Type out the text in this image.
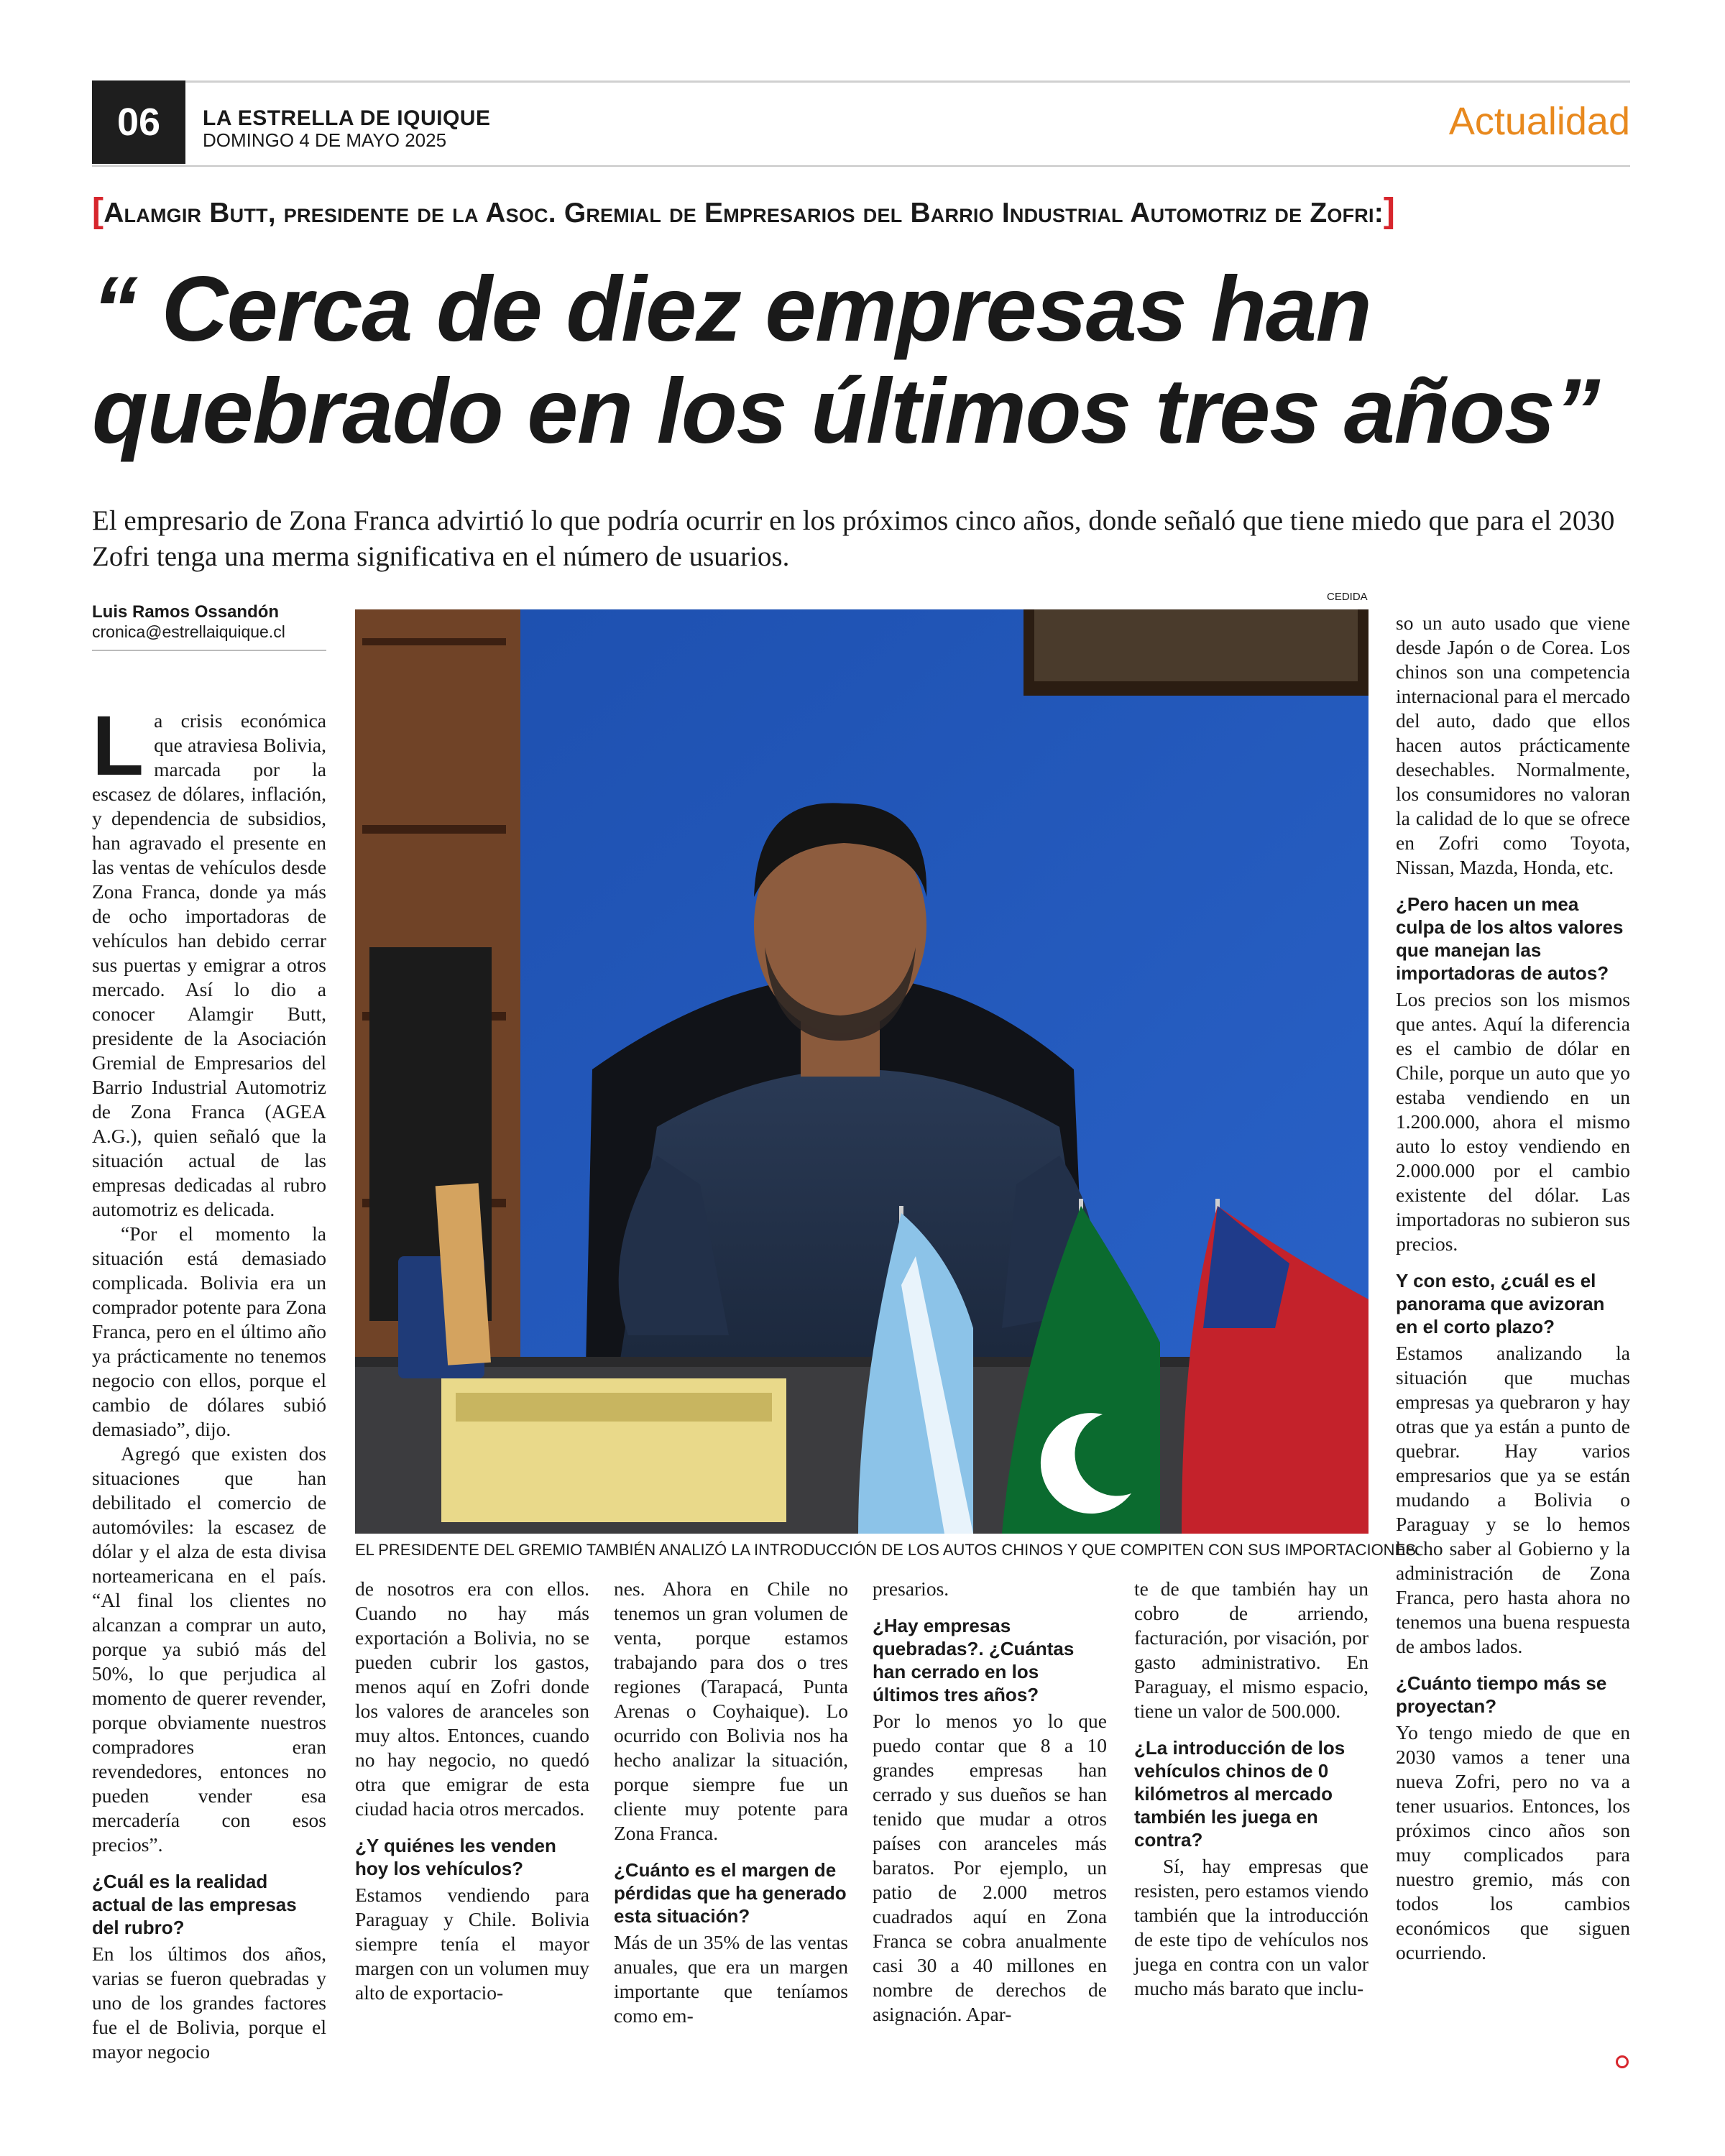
06	LA ESTRELLA DE IQUIQUE
DOMINGO 4 DE MAYO 2025	Actualidad
[Alamgir Butt, presidente de la Asoc. Gremial de Empresarios del Barrio Industrial Automotriz de Zofri:]
“ Cerca de diez empresas han quebrado en los últimos tres años”
El empresario de Zona Franca advirtió lo que podría ocurrir en los próximos cinco años, donde señaló que tiene miedo que para el 2030 Zofri tenga una merma significativa en el número de usuarios.
Luis Ramos Ossandón
cronica@estrellaiquique.cl
CEDIDA
EL PRESIDENTE DEL GREMIO TAMBIÉN ANALIZÓ LA INTRODUCCIÓN DE LOS AUTOS CHINOS Y QUE COMPITEN CON SUS IMPORTACIONES.

La crisis económica que atraviesa Bolivia, marcada por la escasez de dólares, inflación, y dependencia de subsidios, han agravado el presente en las ventas de vehículos desde Zona Franca, donde ya más de ocho importadoras de vehículos han debido cerrar sus puertas y emigrar a otros mercado. Así lo dio a conocer Alamgir Butt, presidente de la Asociación Gremial de Empresarios del Barrio Industrial Automotriz de Zona Franca (AGEA A.G.), quien señaló que la situación actual de las empresas dedicadas al rubro automotriz es delicada.

“Por el momento la situación está demasiado complicada. Bolivia era un comprador potente para Zona Franca, pero en el último año ya prácticamente no tenemos negocio con ellos, porque el cambio de dólares subió demasiado”, dijo.

Agregó que existen dos situaciones que han debilitado el comercio de automóviles: la escasez de dólar y el alza de esta divisa norteamericana en el país. “Al final los clientes no alcanzan a comprar un auto, porque ya subió más del 50%, lo que perjudica al momento de querer revender, porque obviamente nuestros compradores eran revendedores, entonces no pueden vender esa mercadería con esos precios”.

¿Cuál es la realidad actual de las empresas del rubro?

En los últimos dos años, varias se fueron quebradas y uno de los grandes factores fue el de Bolivia, porque el mayor negocio

de nosotros era con ellos. Cuando no hay más exportación a Bolivia, no se pueden cubrir los gastos, menos aquí en Zofri donde los valores de aranceles son muy altos. Entonces, cuando no hay negocio, no quedó otra que emigrar de esta ciudad hacia otros mercados.

¿Y quiénes les venden hoy los vehículos?

Estamos vendiendo para Paraguay y Chile. Bolivia siempre tenía el mayor margen con un volumen muy alto de exportacio-

nes. Ahora en Chile no tenemos un gran volumen de venta, porque estamos trabajando para dos o tres regiones (Tarapacá, Punta Arenas o Coyhaique). Lo ocurrido con Bolivia nos ha hecho analizar la situación, porque siempre fue un cliente muy potente para Zona Franca.

¿Cuánto es el margen de pérdidas que ha generado esta situación?

Más de un 35% de las ventas anuales, que era un margen importante que teníamos como em-

presarios.

¿Hay empresas quebradas?. ¿Cuántas han cerrado en los últimos tres años?

Por lo menos yo lo que puedo contar que 8 a 10 grandes empresas han cerrado y sus dueños se han tenido que mudar a otros países con aranceles más baratos. Por ejemplo, un patio de 2.000 metros cuadrados aquí en Zona Franca se cobra anualmente casi 30 a 40 millones en nombre de derechos de asignación. Apar-

te de que también hay un cobro de arriendo, facturación, por visación, por gasto administrativo. En Paraguay, el mismo espacio, tiene un valor de 500.000.

¿La introducción de los vehículos chinos de 0 kilómetros al mercado también les juega en contra?

Sí, hay empresas que resisten, pero estamos viendo también que la introducción de este tipo de vehículos nos juega en contra con un valor mucho más barato que inclu-

so un auto usado que viene desde Japón o de Corea. Los chinos son una competencia internacional para el mercado del auto, dado que ellos hacen autos prácticamente desechables. Normalmente, los consumidores no valoran la calidad de lo que se ofrece en Zofri como Toyota, Nissan, Mazda, Honda, etc.

¿Pero hacen un mea culpa de los altos valores que manejan las importadoras de autos?

Los precios son los mismos que antes. Aquí la diferencia es el cambio de dólar en Chile, porque un auto que yo estaba vendiendo en un 1.200.000, ahora el mismo auto lo estoy vendiendo en 2.000.000 por el cambio existente del dólar. Las importadoras no subieron sus precios.

Y con esto, ¿cuál es el panorama que avizoran en el corto plazo?

Estamos analizando la situación que muchas empresas ya quebraron y hay otras que ya están a punto de quebrar. Hay varios empresarios que ya se están mudando a Bolivia o Paraguay y se lo hemos hecho saber al Gobierno y la administración de Zona Franca, pero hasta ahora no tenemos una buena respuesta de ambos lados.

¿Cuánto tiempo más se proyectan?

Yo tengo miedo de que en 2030 vamos a tener una nueva Zofri, pero no va a tener usuarios. Entonces, los próximos cinco años son muy complicados para nuestro gremio, más con todos los cambios económicos que siguen ocurriendo.
